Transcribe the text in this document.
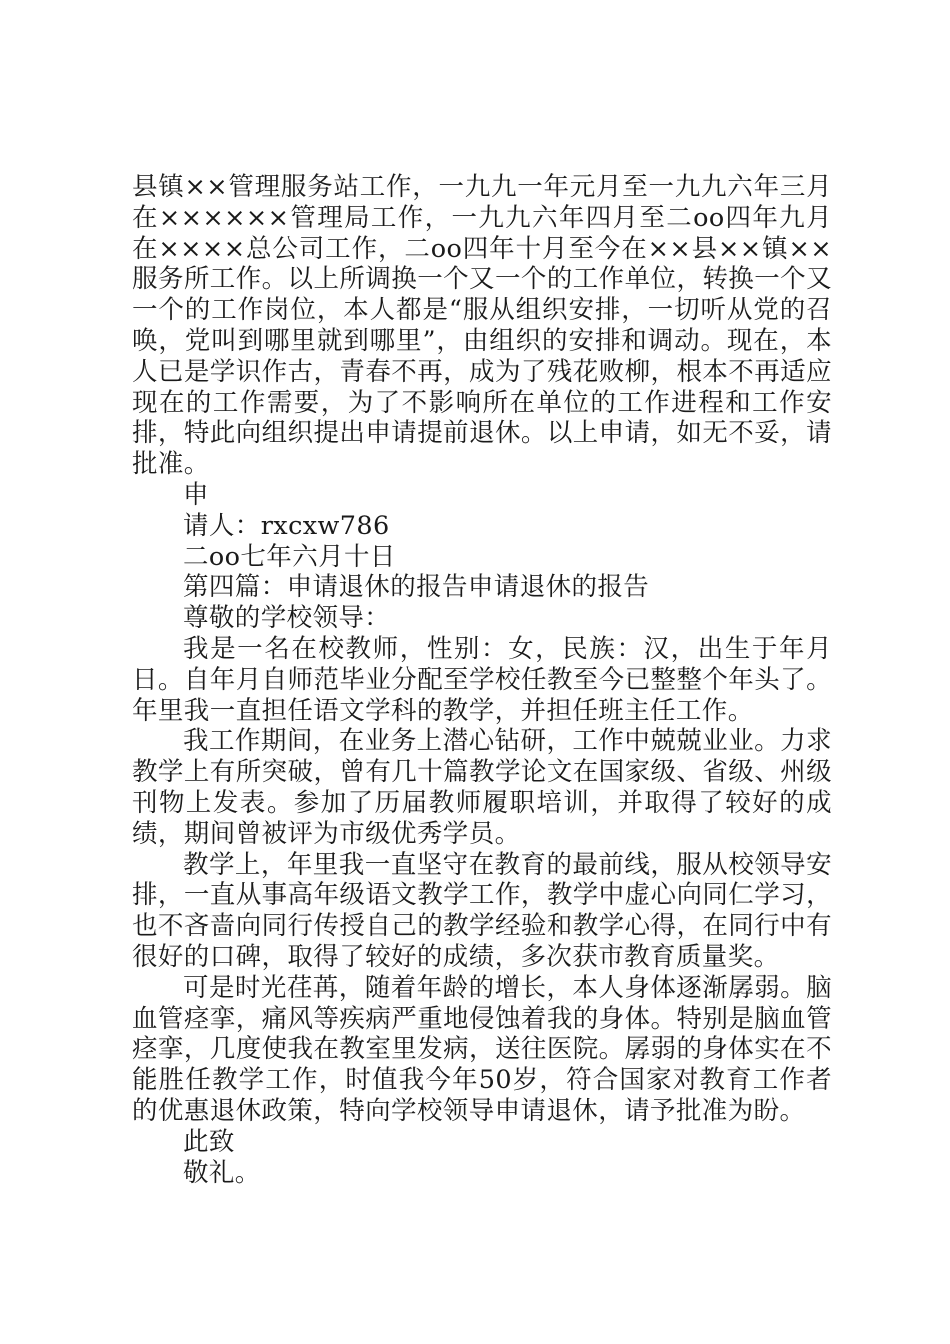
县镇××管理服务站工作，一九九一年元月至一九九六年三月在××××××管理局工作，一九九六年四月至二oo四年九月在××××总公司工作，二oo四年十月至今在××县××镇××服务所工作。以上所调换一个又一个的工作单位，转换一个又一个的工作岗位，本人都是“服从组织安排，一切听从党的召唤，党叫到哪里就到哪里”，由组织的安排和调动。现在，本人已是学识作古，青春不再，成为了残花败柳，根本不再适应现在的工作需要，为了不影响所在单位的工作进程和工作安排，特此向组织提出申请提前退休。以上申请，如无不妥，请批准。

申

请人：rxcxw786

二oo七年六月十日

第四篇：申请退休的报告申请退休的报告

尊敬的学校领导：

我是一名在校教师，性别：女，民族：汉，出生于年月日。自年月自师范毕业分配至学校任教至今已整整个年头了。年里我一直担任语文学科的教学，并担任班主任工作。

我工作期间，在业务上潜心钻研，工作中兢兢业业。力求教学上有所突破，曾有几十篇教学论文在国家级、省级、州级刊物上发表。参加了历届教师履职培训，并取得了较好的成绩，期间曾被评为市级优秀学员。

教学上，年里我一直坚守在教育的最前线，服从校领导安排，一直从事高年级语文教学工作，教学中虚心向同仁学习，也不吝啬向同行传授自己的教学经验和教学心得，在同行中有很好的口碑，取得了较好的成绩，多次获市教育质量奖。

可是时光荏苒，随着年龄的增长，本人身体逐渐孱弱。脑血管痉挛，痛风等疾病严重地侵蚀着我的身体。特别是脑血管痉挛，几度使我在教室里发病，送往医院。孱弱的身体实在不能胜任教学工作，时值我今年50岁，符合国家对教育工作者的优惠退休政策，特向学校领导申请退休，请予批准为盼。

此致

敬礼。
